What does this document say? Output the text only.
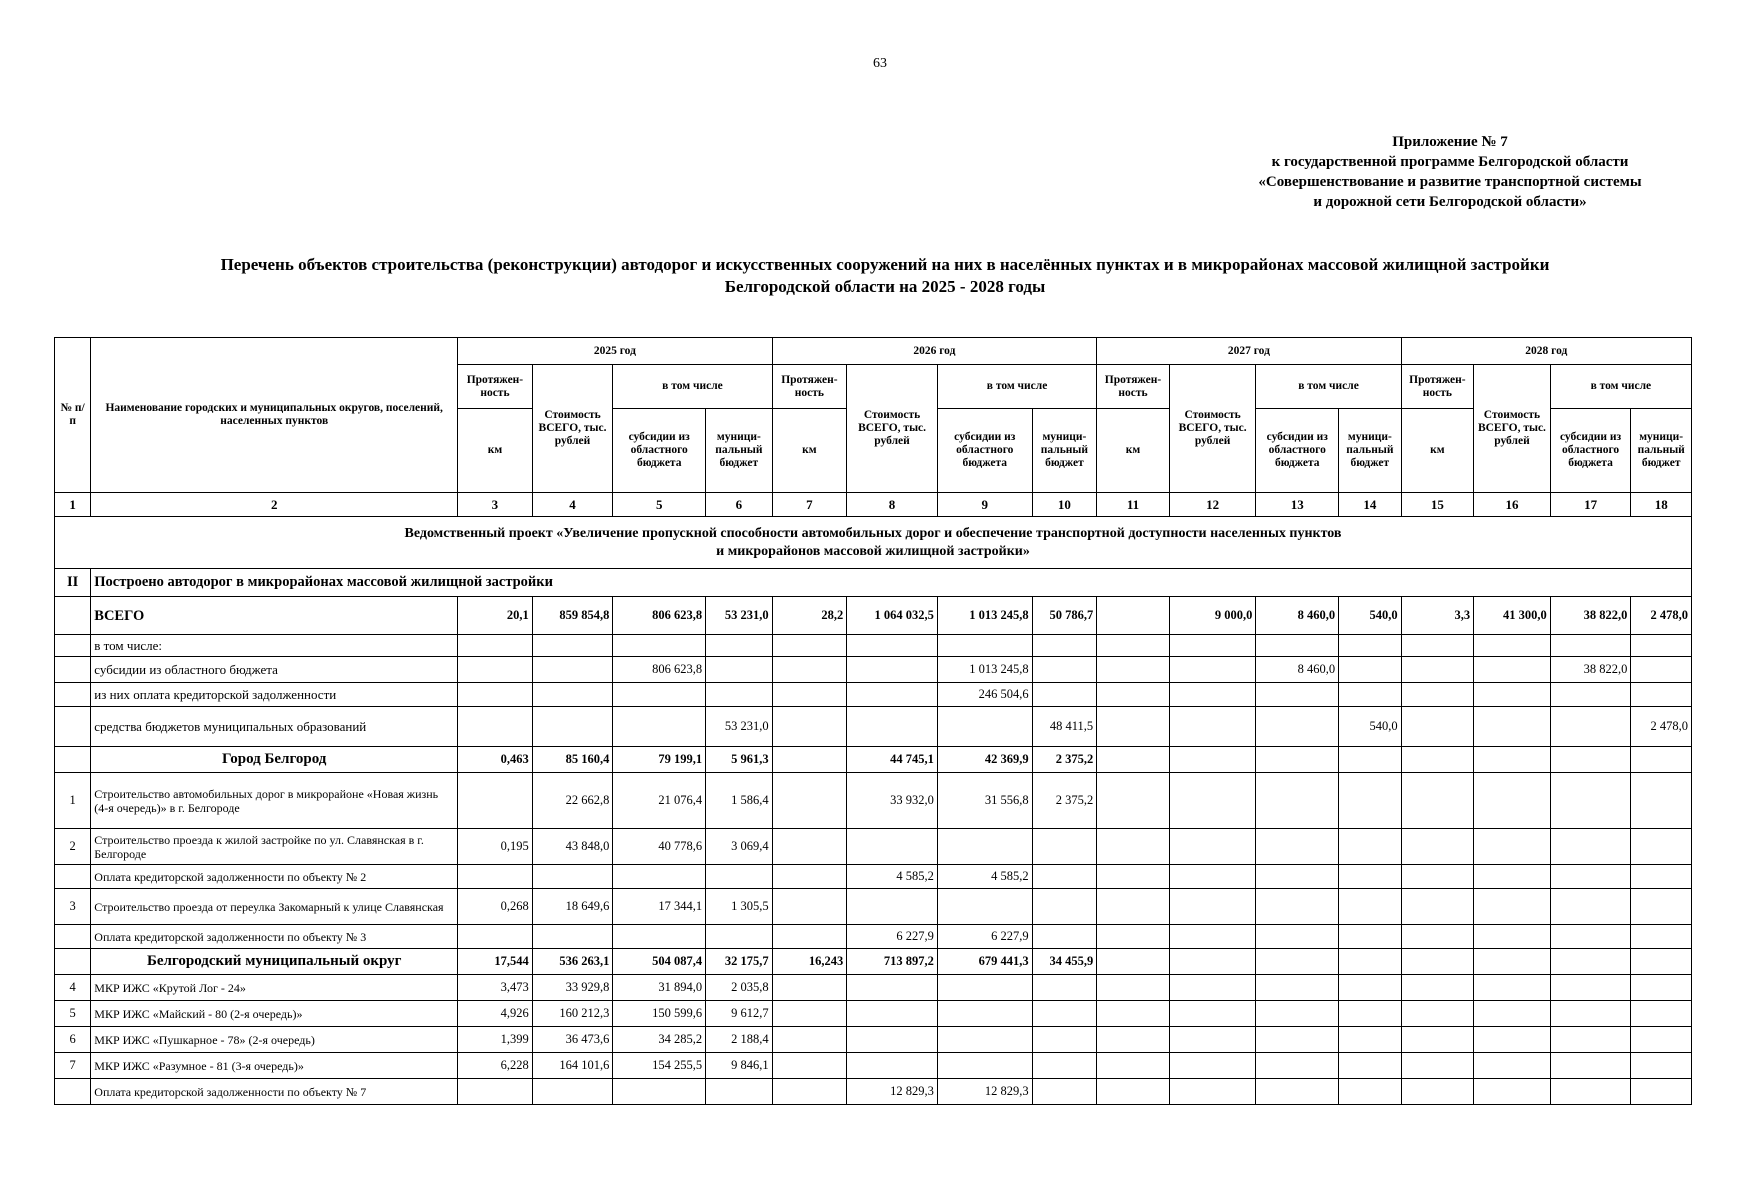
63
Приложение № 7
к государственной программе Белгородской области
«Совершенствование и развитие транспортной системы
и дорожной сети Белгородской области»
Перечень объектов строительства (реконструкции) автодорог и искусственных сооружений на них в населённых пунктах и в микрорайонах массовой жилищной застройки
Белгородской области на 2025 - 2028 годы
№ п/п	Наименование городских и муниципальных округов, поселений, населенных пунктов	2025 год				2026 год				2027 год				2028 год			
		Протяжен-ность	Стоимость ВСЕГО, тыс. рублей	в том числе		Протяжен-ность	Стоимость ВСЕГО, тыс. рублей	в том числе		Протяжен-ность	Стоимость ВСЕГО, тыс. рублей	в том числе		Протяжен-ность	Стоимость ВСЕГО, тыс. рублей	в том числе	
		км		субсидии из областного бюджета	муници-пальный бюджет	км		субсидии из областного бюджета	муници-пальный бюджет	км		субсидии из областного бюджета	муници-пальный бюджет	км		субсидии из областного бюджета	муници-пальный бюджет
1	2	3	4	5	6	7	8	9	10	11	12	13	14	15	16	17	18

Ведомственный проект «Увеличение пропускной способности автомобильных дорог и обеспечение транспортной доступности населенных пунктов
и микрорайонов массовой жилищной застройки»																	

II	Построено автодорог в микрорайонах массовой жилищной застройки																
	ВСЕГО	20,1	859 854,8	806 623,8	53 231,0	28,2	1 064 032,5	1 013 245,8	50 786,7		9 000,0	8 460,0	540,0	3,3	41 300,0	38 822,0	2 478,0
	в том числе:																
	субсидии из областного бюджета			806 623,8				1 013 245,8				8 460,0				38 822,0	
	из них оплата кредиторской задолженности							246 504,6									
	средства бюджетов муниципальных образований				53 231,0				48 411,5				540,0				2 478,0
	Город Белгород	0,463	85 160,4	79 199,1	5 961,3		44 745,1	42 369,9	2 375,2								
1	Строительство автомобильных дорог в микрорайоне «Новая жизнь (4-я очередь)» в г. Белгороде		22 662,8	21 076,4	1 586,4		33 932,0	31 556,8	2 375,2								
2	Строительство проезда к жилой застройке по ул. Славянская в г. Белгороде	0,195	43 848,0	40 778,6	3 069,4												
	Оплата кредиторской задолженности по объекту № 2						4 585,2	4 585,2									
3	Строительство проезда от переулка Закомарный к улице Славянская	0,268	18 649,6	17 344,1	1 305,5												
	Оплата кредиторской задолженности по объекту № 3						6 227,9	6 227,9									
	Белгородский муниципальный округ	17,544	536 263,1	504 087,4	32 175,7	16,243	713 897,2	679 441,3	34 455,9								
4	МКР ИЖС «Крутой Лог - 24»	3,473	33 929,8	31 894,0	2 035,8												
5	МКР ИЖС «Майский - 80 (2-я очередь)»	4,926	160 212,3	150 599,6	9 612,7												
6	МКР ИЖС «Пушкарное - 78» (2-я очередь)	1,399	36 473,6	34 285,2	2 188,4												
7	МКР ИЖС «Разумное - 81 (3-я очередь)»	6,228	164 101,6	154 255,5	9 846,1												
	Оплата кредиторской задолженности по объекту № 7						12 829,3	12 829,3									
